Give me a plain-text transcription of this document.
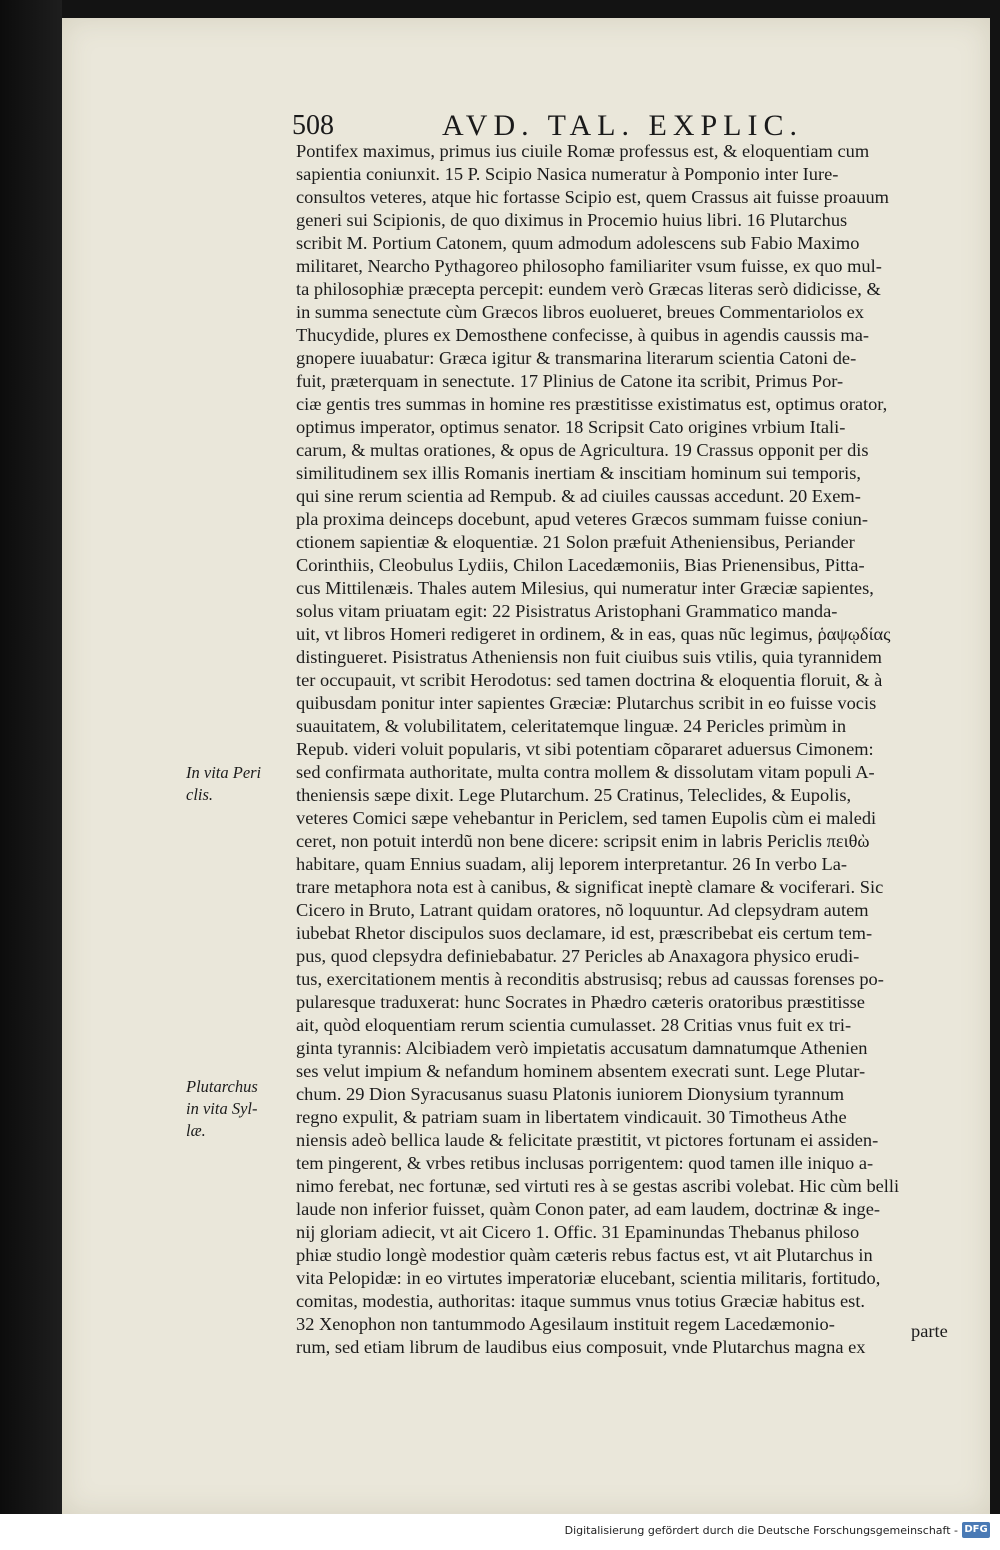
508	AVD. TAL. EXPLIC.
Pontifex maximus, primus ius ciuile Romæ professus est, & eloquentiam cum
sapientia coniunxit. 15 P. Scipio Nasica numeratur à Pomponio inter Iure-
consultos veteres, atque hic fortasse Scipio est, quem Crassus ait fuisse proauum
generi sui Scipionis, de quo diximus in Procemio huius libri. 16 Plutarchus
scribit M. Portium Catonem, quum admodum adolescens sub Fabio Maximo
militaret, Nearcho Pythagoreo philosopho familiariter vsum fuisse, ex quo mul-
ta philosophiæ præcepta percepit: eundem verò Græcas literas serò didicisse, &
in summa senectute cùm Græcos libros euolueret, breues Commentariolos ex
Thucydide, plures ex Demosthene confecisse, à quibus in agendis caussis ma-
gnopere iuuabatur: Græca igitur & transmarina literarum scientia Catoni de-
fuit, præterquam in senectute. 17 Plinius de Catone ita scribit, Primus Por-
ciæ gentis tres summas in homine res præstitisse existimatus est, optimus orator,
optimus imperator, optimus senator. 18 Scripsit Cato origines vrbium Itali-
carum, & multas orationes, & opus de Agricultura. 19 Crassus opponit per dis
similitudinem sex illis Romanis inertiam & inscitiam hominum sui temporis,
qui sine rerum scientia ad Rempub. & ad ciuiles caussas accedunt. 20 Exem-
pla proxima deinceps docebunt, apud veteres Græcos summam fuisse coniun-
ctionem sapientiæ & eloquentiæ. 21 Solon præfuit Atheniensibus, Periander
Corinthiis, Cleobulus Lydiis, Chilon Lacedæmoniis, Bias Prienensibus, Pitta-
cus Mittilenæis. Thales autem Milesius, qui numeratur inter Græciæ sapientes,
solus vitam priuatam egit: 22 Pisistratus Aristophani Grammatico manda-
uit, vt libros Homeri redigeret in ordinem, & in eas, quas nũc legimus, ῥαψῳδίας
distingueret. Pisistratus Atheniensis non fuit ciuibus suis vtilis, quia tyrannidem
ter occupauit, vt scribit Herodotus: sed tamen doctrina & eloquentia floruit, & à
quibusdam ponitur inter sapientes Græciæ: Plutarchus scribit in eo fuisse vocis
suauitatem, & volubilitatem, celeritatemque linguæ. 24 Pericles primùm in
Repub. videri voluit popularis, vt sibi potentiam cõpararet aduersus Cimonem:
sed confirmata authoritate, multa contra mollem & dissolutam vitam populi A-
theniensis sæpe dixit. Lege Plutarchum. 25 Cratinus, Teleclides, & Eupolis,
veteres Comici sæpe vehebantur in Periclem, sed tamen Eupolis cùm ei maledi
ceret, non potuit interdũ non bene dicere: scripsit enim in labris Periclis πειθὼ
habitare, quam Ennius suadam, alij leporem interpretantur. 26 In verbo La-
trare metaphora nota est à canibus, & significat ineptè clamare & vociferari. Sic
Cicero in Bruto, Latrant quidam oratores, nõ loquuntur. Ad clepsydram autem
iubebat Rhetor discipulos suos declamare, id est, præscribebat eis certum tem-
pus, quod clepsydra definiebabatur. 27 Pericles ab Anaxagora physico erudi-
tus, exercitationem mentis à reconditis abstrusisq; rebus ad caussas forenses po-
pularesque traduxerat: hunc Socrates in Phædro cæteris oratoribus præstitisse
ait, quòd eloquentiam rerum scientia cumulasset. 28 Critias vnus fuit ex tri-
ginta tyrannis: Alcibiadem verò impietatis accusatum damnatumque Athenien
ses velut impium & nefandum hominem absentem execrati sunt. Lege Plutar-
chum. 29 Dion Syracusanus suasu Platonis iuniorem Dionysium tyrannum
regno expulit, & patriam suam in libertatem vindicauit. 30 Timotheus Athe
niensis adeò bellica laude & felicitate præstitit, vt pictores fortunam ei assiden-
tem pingerent, & vrbes retibus inclusas porrigentem: quod tamen ille iniquo a-
nimo ferebat, nec fortunæ, sed virtuti res à se gestas ascribi volebat. Hic cùm belli
laude non inferior fuisset, quàm Conon pater, ad eam laudem, doctrinæ & inge-
nij gloriam adiecit, vt ait Cicero 1. Offic. 31 Epaminundas Thebanus philoso
phiæ studio longè modestior quàm cæteris rebus factus est, vt ait Plutarchus in
vita Pelopidæ: in eo virtutes imperatoriæ elucebant, scientia militaris, fortitudo,
comitas, modestia, authoritas: itaque summus vnus totius Græciæ habitus est.
32 Xenophon non tantummodo Agesilaum instituit regem Lacedæmonio-
rum, sed etiam librum de laudibus eius composuit, vnde Plutarchus magna ex
parte
In vita Peri
clis.
Plutarchus
in vita Syl-
læ.
Digitalisierung gefördert durch die Deutsche Forschungsgemeinschaft - DFG
